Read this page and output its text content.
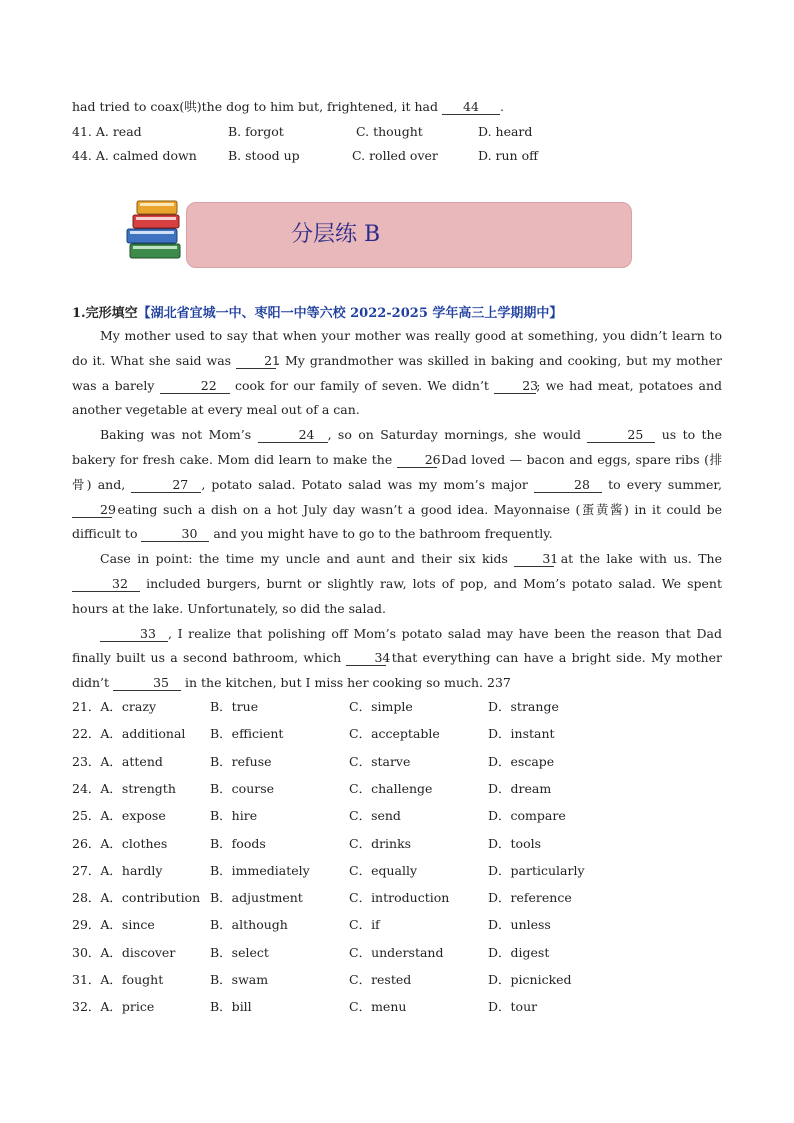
had tried to coax(哄)the dog to him but, frightened, it had 44 .
41. A. read	B. forgot	C. thought	D. heard
44. A. calmed down B. stood up	C. rolled over	D. run off
分层练 B
1.完形填空【湖北省宜城一中、枣阳一中等六校 2022-2025 学年高三上学期期中】

My mother used to say that when your mother was really good at something, you didn’t learn to do it. What she said was 21. My grandmother was skilled in baking and cooking, but my mother was a barely	22 cook for our family of seven. We didn’t 23; we had meat, potatoes and another vegetable at every meal out of a can.

Baking was not Mom’s	24 , so on Saturday mornings, she would	25 us to the bakery for fresh cake. Mom did learn to make the 26 Dad loved — bacon and eggs, spare ribs (排骨) and,	27 , potato salad. Potato salad was my mom’s major	28 to every summer, 29 eating such a dish on a hot July day wasn’t a good idea. Mayonnaise (蛋黄酱) in it could be difficult to	30 and you might have to go to the bathroom frequently.

Case in point: the time my uncle and aunt and their six kids 31 at the lake with us. The 32 included burgers, burnt or slightly raw, lots of pop, and Mom’s potato salad. We spent hours at the lake. Unfortunately, so did the salad.

33 , I realize that polishing off Mom’s potato salad may have been the reason that Dad finally built us a second bathroom, which 34 that everything can have a bright side. My mother didn’t	35 in the kitchen, but I miss her cooking so much. 237

21．A．crazy	B．true	C．simple	D．strange
22．A．additional B．efficient	C．acceptable	D．instant
23．A．attend	B．refuse	C．starve	D．escape
24．A．strength	B．course	C．challenge	D．dream
25．A．expose	B．hire	C．send	D．compare
26．A．clothes	B．foods	C．drinks	D．tools
27．A．hardly	B．immediately	C．equally	D．particularly
28．A．contribution B．adjustment	C．introduction	D．reference
29．A．since	B．although	C．if	D．unless
30．A．discover	B．select	C．understand	D．digest
31．A．fought	B．swam	C．rested	D．picnicked
32．A．price	B．bill	C．menu	D．tour
